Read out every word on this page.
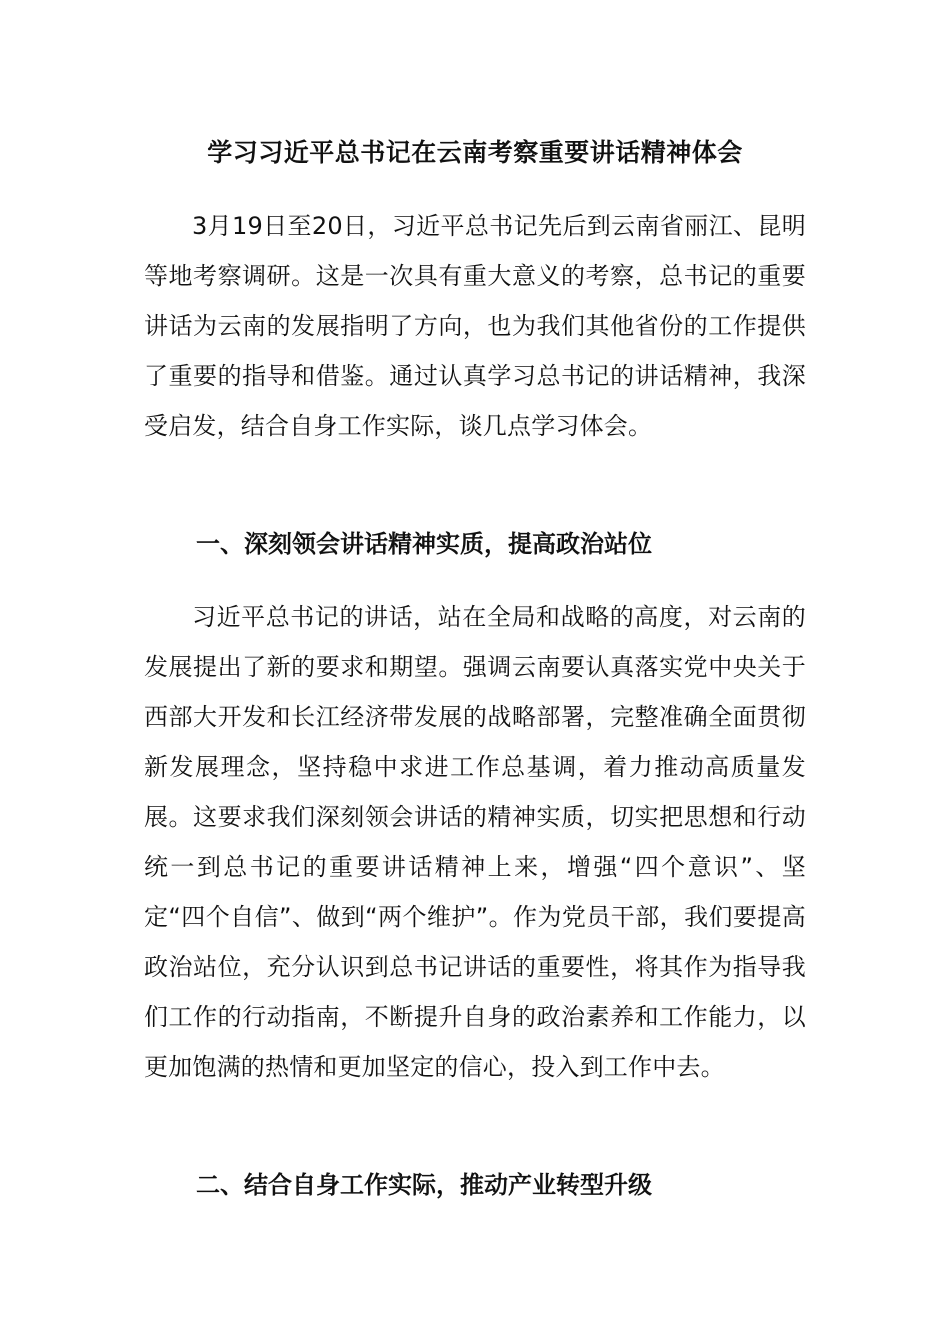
学习习近平总书记在云南考察重要讲话精神体会

3月19日至20日，习近平总书记先后到云南省丽江、昆明等地考察调研。这是一次具有重大意义的考察，总书记的重要讲话为云南的发展指明了方向，也为我们其他省份的工作提供了重要的指导和借鉴。通过认真学习总书记的讲话精神，我深受启发，结合自身工作实际，谈几点学习体会。

一、深刻领会讲话精神实质，提高政治站位

习近平总书记的讲话，站在全局和战略的高度，对云南的发展提出了新的要求和期望。强调云南要认真落实党中央关于西部大开发和长江经济带发展的战略部署，完整准确全面贯彻新发展理念，坚持稳中求进工作总基调，着力推动高质量发展。这要求我们深刻领会讲话的精神实质，切实把思想和行动统一到总书记的重要讲话精神上来，增强“四个意识”、坚定“四个自信”、做到“两个维护”。作为党员干部，我们要提高政治站位，充分认识到总书记讲话的重要性，将其作为指导我们工作的行动指南，不断提升自身的政治素养和工作能力，以更加饱满的热情和更加坚定的信心，投入到工作中去。

二、结合自身工作实际，推动产业转型升级
